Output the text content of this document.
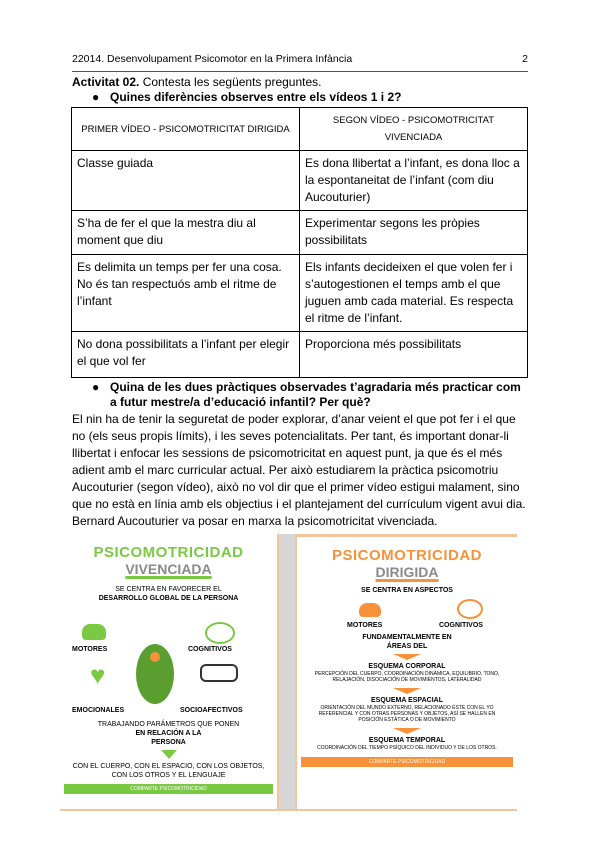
22014. Desenvolupament Psicomotor en la Primera Infància	2
Activitat 02. Contesta les següents preguntes.
● Quines diferències observes entre els vídeos 1 i 2?
PRIMER VÍDEO - PSICOMOTRICITAT DIRIGIDA	SEGON VÍDEO - PSICOMOTRICITAT VIVENCIADA
Classe guiada	Es dona llibertat a l’infant, es dona lloc a la espontaneitat de l’infant (com diu Aucouturier)
S’ha de fer el que la mestra diu al moment que diu	Experimentar segons les pròpies possibilitats
Es delimita un temps per fer una cosa. No és tan respectuós amb el ritme de l’infant	Els infants decideixen el que volen fer i s’autogestionen el temps amb el que juguen amb cada material. Es respecta el ritme de l’infant.
No dona possibilitats a l’infant per elegir el que vol fer	Proporciona més possibilitats
● Quina de les dues pràctiques observades t’agradaria més practicar com a futur mestre/a d’educació infantil? Per què?
El nin ha de tenir la seguretat de poder explorar, d’anar veient el que pot fer i el que no (els seus propis límits), i les seves potencialitats. Per tant, és important donar-li llibertat i enfocar les sessions de psicomotricitat en aquest punt, ja que és el més adient amb el marc curricular actual. Per això estudiarem la pràctica psicomotriu Aucouturier (segon vídeo), això no vol dir que el primer vídeo estigui malament, sino que no està en línia amb els objectius i el plantejament del currículum vigent avui dia. Bernard Aucouturier va posar en marxa la psicomotricitat vivenciada.
PSICOMOTRICIDAD
VIVENCIADA
SE CENTRA EN FAVORECER EL
DESARROLLO GLOBAL DE LA PERSONA
♥
MOTORES	COGNITIVOS
EMOCIONALES	SOCIOAFECTIVOS
TRABAJANDO PARÁMETROS QUE PONEN
EN RELACIÓN A LA
PERSONA
CON EL CUERPO, CON EL ESPACIO, CON LOS OBJETOS, CON LOS OTROS Y EL LENGUAJE
COMPARTE PSICOMOTRICIDAD
PSICOMOTRICIDAD
DIRIGIDA
SE CENTRA EN ASPECTOS
MOTORES	COGNITIVOS
FUNDAMENTALMENTE EN ÁREAS DEL
ESQUEMA CORPORAL
PERCEPCIÓN DEL CUERPO, COORDINACIÓN DINÁMICA, EQUILIBRIO, TONO, RELAJACIÓN, DISOCIACIÓN DE MOVIMIENTOS, LATERALIDAD
ESQUEMA ESPACIAL
ORIENTACIÓN DEL MUNDO EXTERNO, RELACIONADO ÉSTE CON EL YO REFERENCIAL Y CON OTRAS PERSONAS Y OBJETOS, ASÍ SE HALLEN EN POSICIÓN ESTÁTICA O DE MOVIMIENTO
ESQUEMA TEMPORAL
COORDINACIÓN DEL TIEMPO PSÍQUICO DEL INDIVIDUO Y DE LOS OTROS.
COMPARTE PSICOMOTRICIDAD
